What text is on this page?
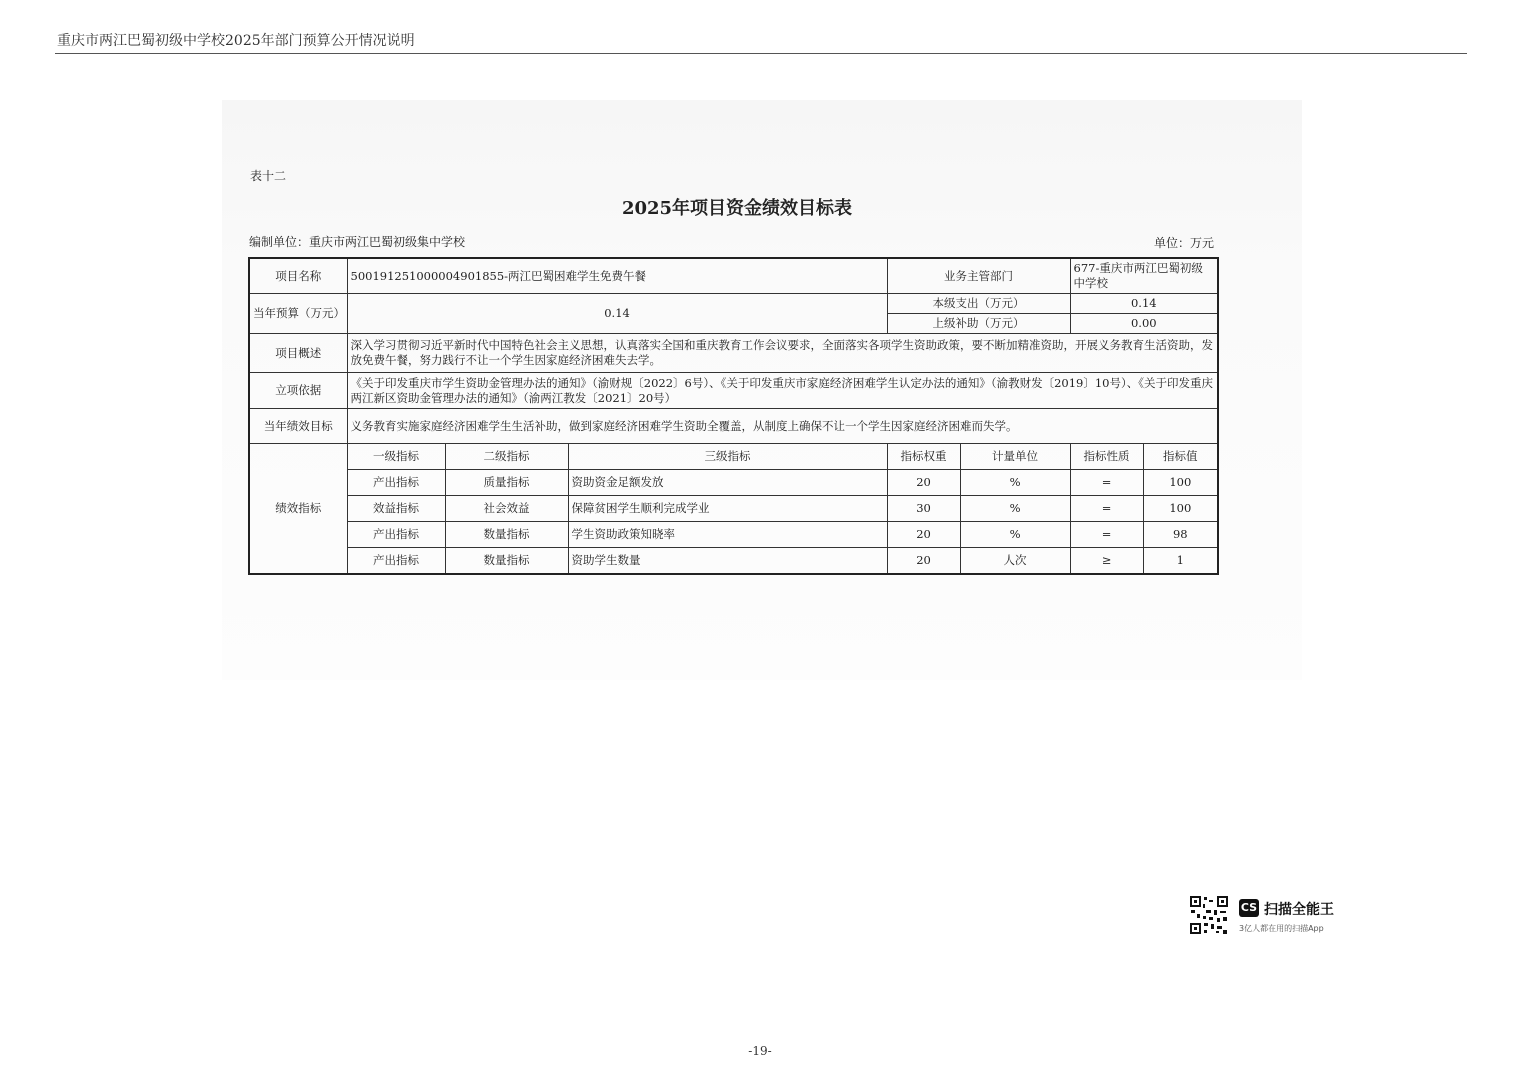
重庆市两江巴蜀初级中学校2025年部门预算公开情况说明
表十二
2025年项目资金绩效目标表
编制单位：重庆市两江巴蜀初级集中学校	单位：万元
项目名称	500191251000004901855-两江巴蜀困难学生免费午餐			业务主管部门		677-重庆市两江巴蜀初级中学校	
当年预算（万元）	0.14			本级支出（万元）		0.14	
				上级补助（万元）		0.00	
项目概述	深入学习贯彻习近平新时代中国特色社会主义思想，认真落实全国和重庆教育工作会议要求，全面落实各项学生资助政策，要不断加精准资助，开展义务教育生活资助，发放免费午餐，努力践行不让一个学生因家庭经济困难失去学。						
立项依据	《关于印发重庆市学生资助金管理办法的通知》（渝财规〔2022〕6号）、《关于印发重庆市家庭经济困难学生认定办法的通知》（渝教财发〔2019〕10号）、《关于印发重庆两江新区资助金管理办法的通知》（渝两江教发〔2021〕20号）						
当年绩效目标	义务教育实施家庭经济困难学生生活补助，做到家庭经济困难学生资助全覆盖，从制度上确保不让一个学生因家庭经济困难而失学。						
绩效指标	一级指标	二级指标	三级指标	指标权重	计量单位	指标性质	指标值
	产出指标	质量指标	资助资金足额发放	20	%	=	100
	效益指标	社会效益	保障贫困学生顺利完成学业	30	%	=	100
	产出指标	数量指标	学生资助政策知晓率	20	%	=	98
	产出指标	数量指标	资助学生数量	20	人次	≥	1
CS 扫描全能王
3亿人都在用的扫描App
-19-
